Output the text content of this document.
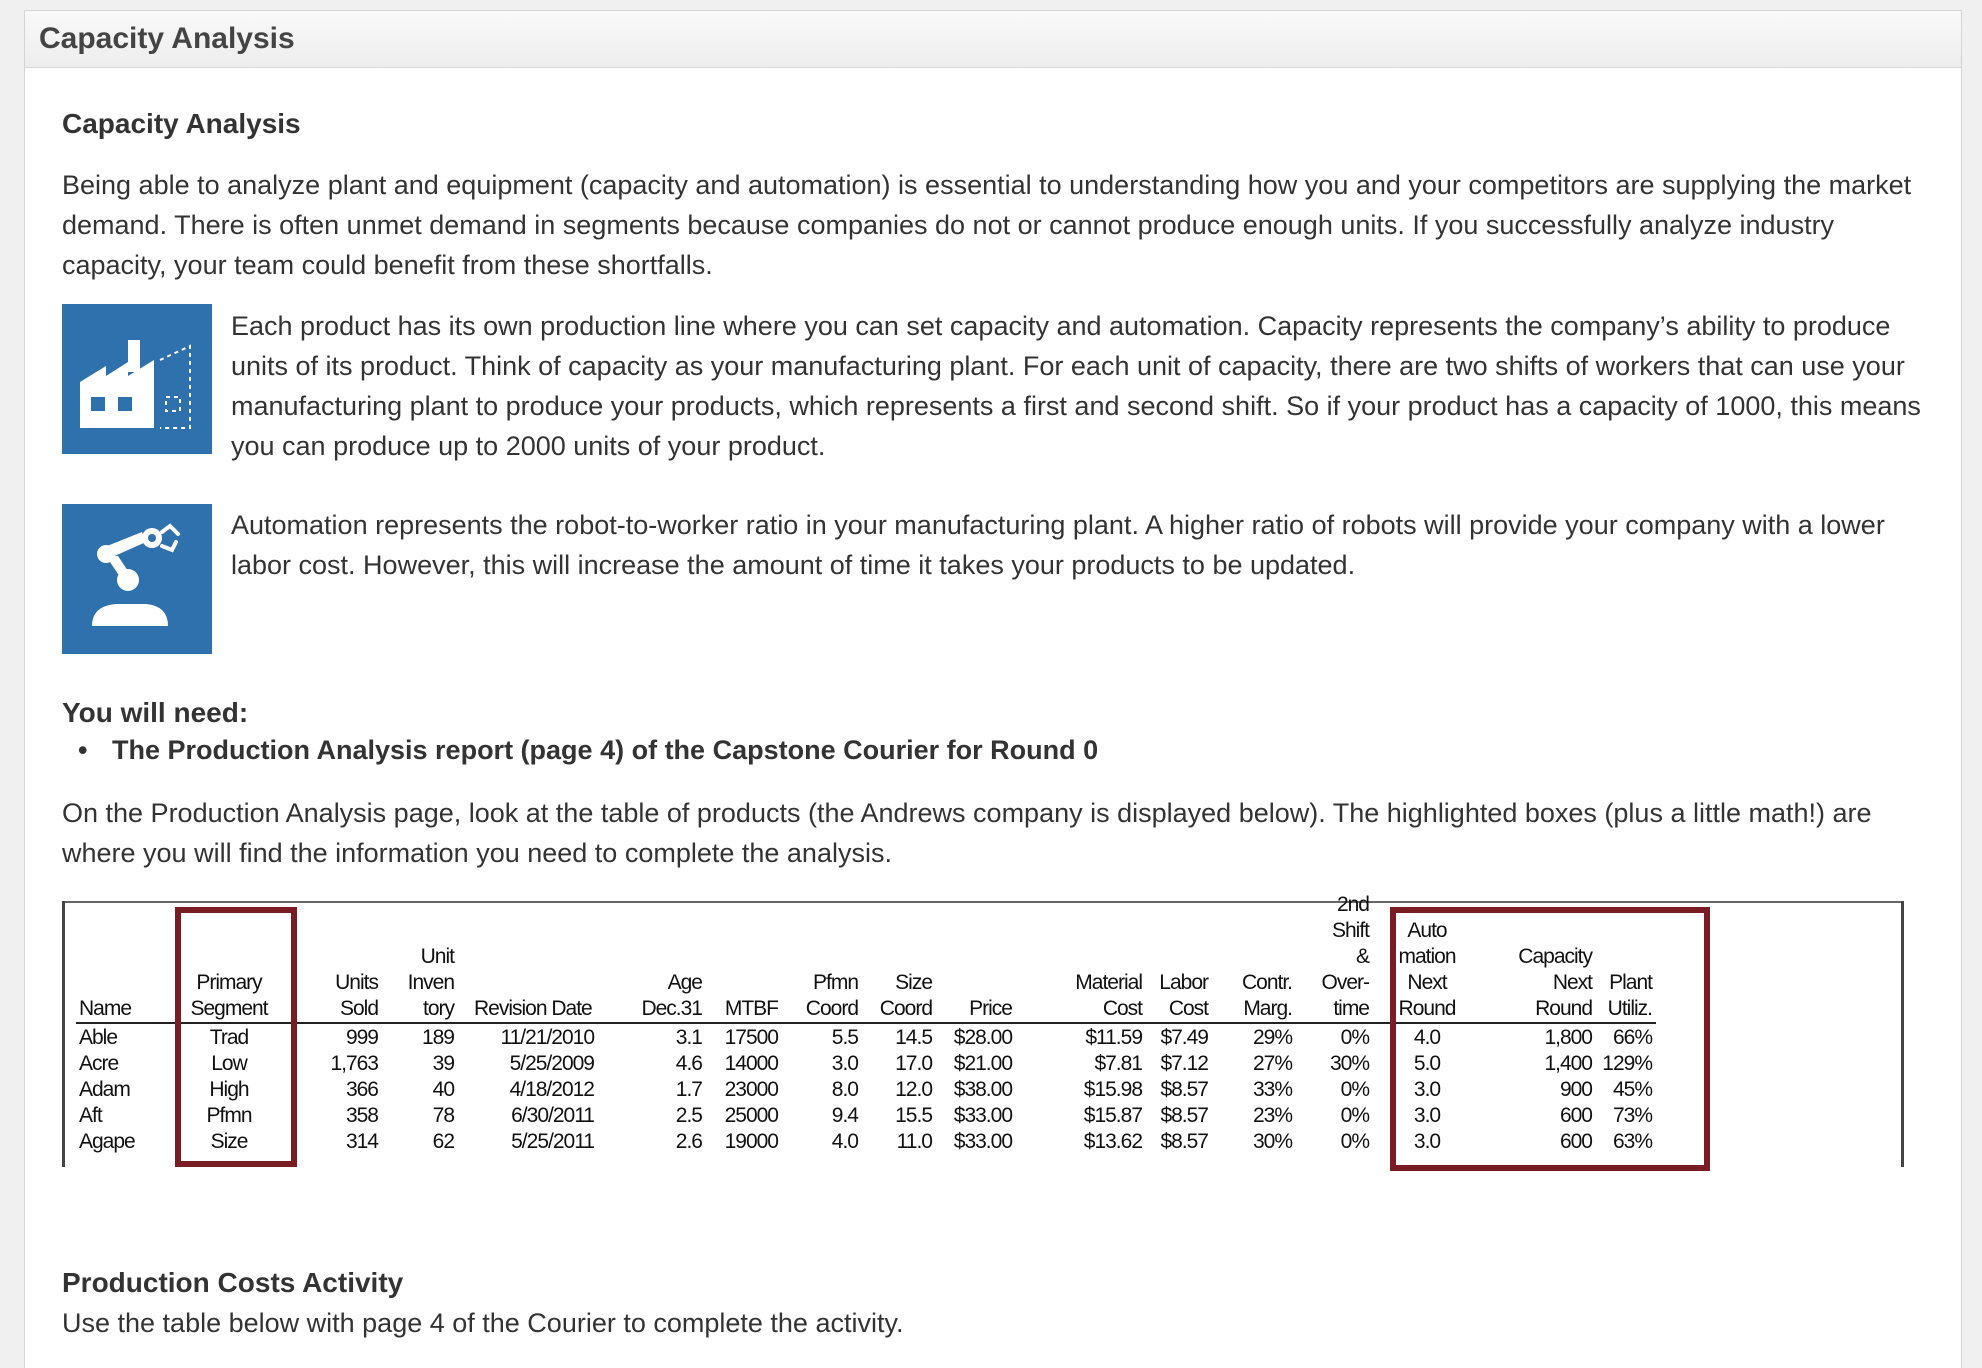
Capacity Analysis
Capacity Analysis
Being able to analyze plant and equipment (capacity and automation) is essential to understanding how you and your competitors are supplying the market demand. There is often unmet demand in segments because companies do not or cannot produce enough units. If you successfully analyze industry capacity, your team could benefit from these shortfalls.
Each product has its own production line where you can set capacity and automation. Capacity represents the company’s ability to produce units of its product. Think of capacity as your manufacturing plant. For each unit of capacity, there are two shifts of workers that can use your manufacturing plant to produce your products, which represents a first and second shift. So if your product has a capacity of 1000, this means you can produce up to 2000 units of your product.
Automation represents the robot-to-worker ratio in your manufacturing plant. A higher ratio of robots will provide your company with a lower labor cost. However, this will increase the amount of time it takes your products to be updated.
You will need:
• The Production Analysis report (page 4) of the Capstone Courier for Round 0
On the Production Analysis page, look at the table of products (the Andrews company is displayed below). The highlighted boxes (plus a little math!) are where you will find the information you need to complete the analysis.
Name
Primary
Segment
Units
Sold
Unit
Inven
tory Revision Date
Age
Dec.31	MTBF
Pfmn
Coord
Size
Coord	Price
Material
Cost
Labor
Cost
Contr.
Marg.
2nd
Shift
&
Over-
time
Auto
mation
Next
Round
Capacity
Next
Round
Plant
Utiliz.
Able
Acre
Adam
Aft
Agape
Trad
Low
High
Pfmn
Size
999
1,763
366
358
314
189
39
40
78
62
11/21/2010
5/25/2009
4/18/2012
6/30/2011
5/25/2011
3.1
4.6
1.7
2.5
2.6
17500
14000
23000
25000
19000
5.5
3.0
8.0
9.4
4.0
14.5
17.0
12.0
15.5
11.0
$28.00
$21.00
$38.00
$33.00
$33.00
$11.59
$7.81
$15.98
$15.87
$13.62
$7.49
$7.12
$8.57
$8.57
$8.57
29%
27%
33%
23%
30%
0%
30%
0%
0%
0%
4.0
5.0
3.0
3.0
3.0
1,800
1,400
900
600
600
66%
129%
45%
73%
63%
Production Costs Activity
Use the table below with page 4 of the Courier to complete the activity.
